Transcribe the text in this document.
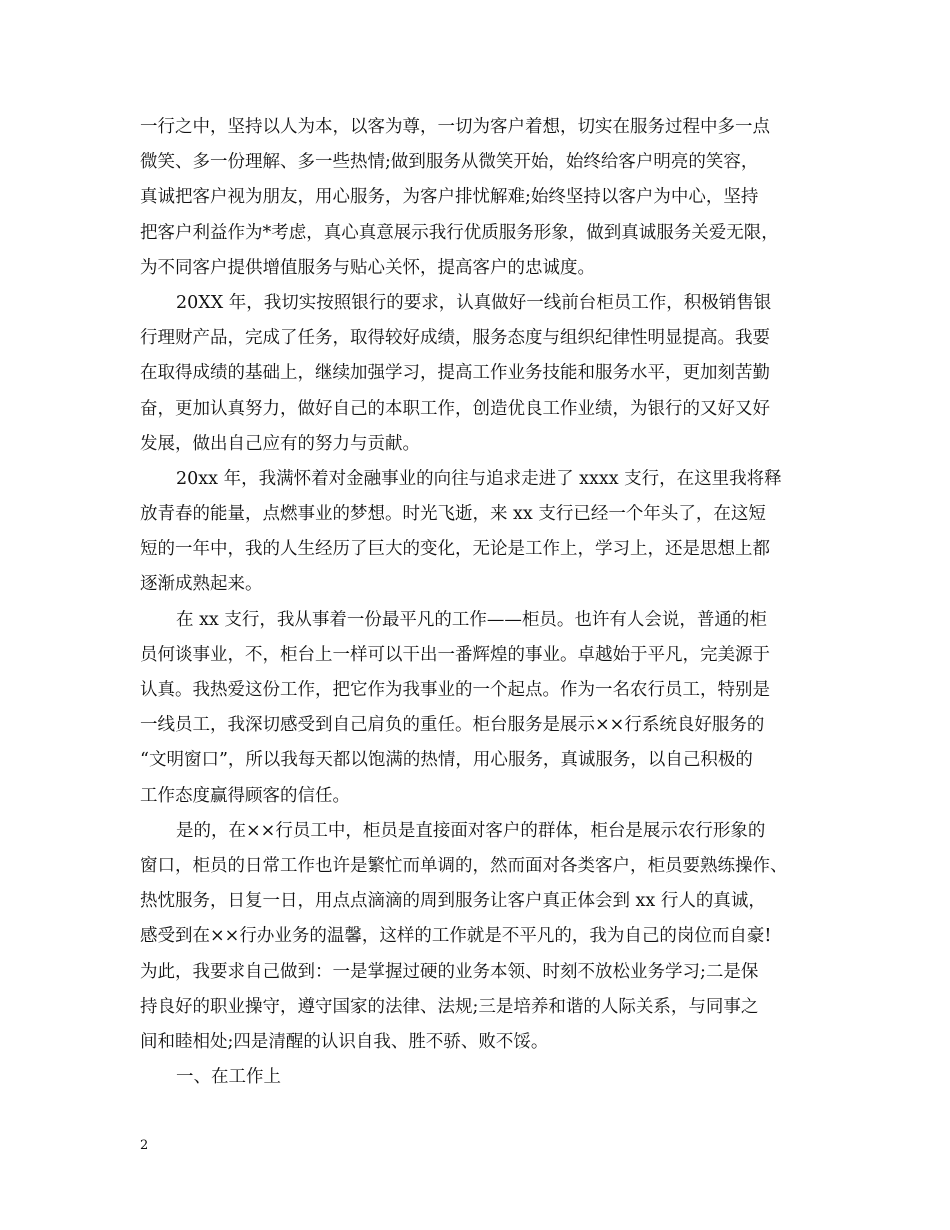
一行之中，坚持以人为本，以客为尊，一切为客户着想，切实在服务过程中多一点
微笑、多一份理解、多一些热情;做到服务从微笑开始，始终给客户明亮的笑容，
真诚把客户视为朋友，用心服务，为客户排忧解难;始终坚持以客户为中心，坚持
把客户利益作为*考虑，真心真意展示我行优质服务形象，做到真诚服务关爱无限，
为不同客户提供增值服务与贴心关怀，提高客户的忠诚度。
20XX 年，我切实按照银行的要求，认真做好一线前台柜员工作，积极销售银
行理财产品，完成了任务，取得较好成绩，服务态度与组织纪律性明显提高。我要
在取得成绩的基础上，继续加强学习，提高工作业务技能和服务水平，更加刻苦勤
奋，更加认真努力，做好自己的本职工作，创造优良工作业绩，为银行的又好又好
发展，做出自己应有的努力与贡献。
20xx 年，我满怀着对金融事业的向往与追求走进了 xxxx 支行，在这里我将释
放青春的能量，点燃事业的梦想。时光飞逝，来 xx 支行已经一个年头了，在这短
短的一年中，我的人生经历了巨大的变化，无论是工作上，学习上，还是思想上都
逐渐成熟起来。
在 xx 支行，我从事着一份最平凡的工作——柜员。也许有人会说，普通的柜
员何谈事业，不，柜台上一样可以干出一番辉煌的事业。卓越始于平凡，完美源于
认真。我热爱这份工作，把它作为我事业的一个起点。作为一名农行员工，特别是
一线员工，我深切感受到自己肩负的重任。柜台服务是展示××行系统良好服务的
“文明窗口”，所以我每天都以饱满的热情，用心服务，真诚服务，以自己积极的
工作态度赢得顾客的信任。
是的，在××行员工中，柜员是直接面对客户的群体，柜台是展示农行形象的
窗口，柜员的日常工作也许是繁忙而单调的，然而面对各类客户，柜员要熟练操作、
热忱服务，日复一日，用点点滴滴的周到服务让客户真正体会到 xx 行人的真诚，
感受到在××行办业务的温馨，这样的工作就是不平凡的，我为自己的岗位而自豪!
为此，我要求自己做到：一是掌握过硬的业务本领、时刻不放松业务学习;二是保
持良好的职业操守，遵守国家的法律、法规;三是培养和谐的人际关系，与同事之
间和睦相处;四是清醒的认识自我、胜不骄、败不馁。
一、在工作上
2
